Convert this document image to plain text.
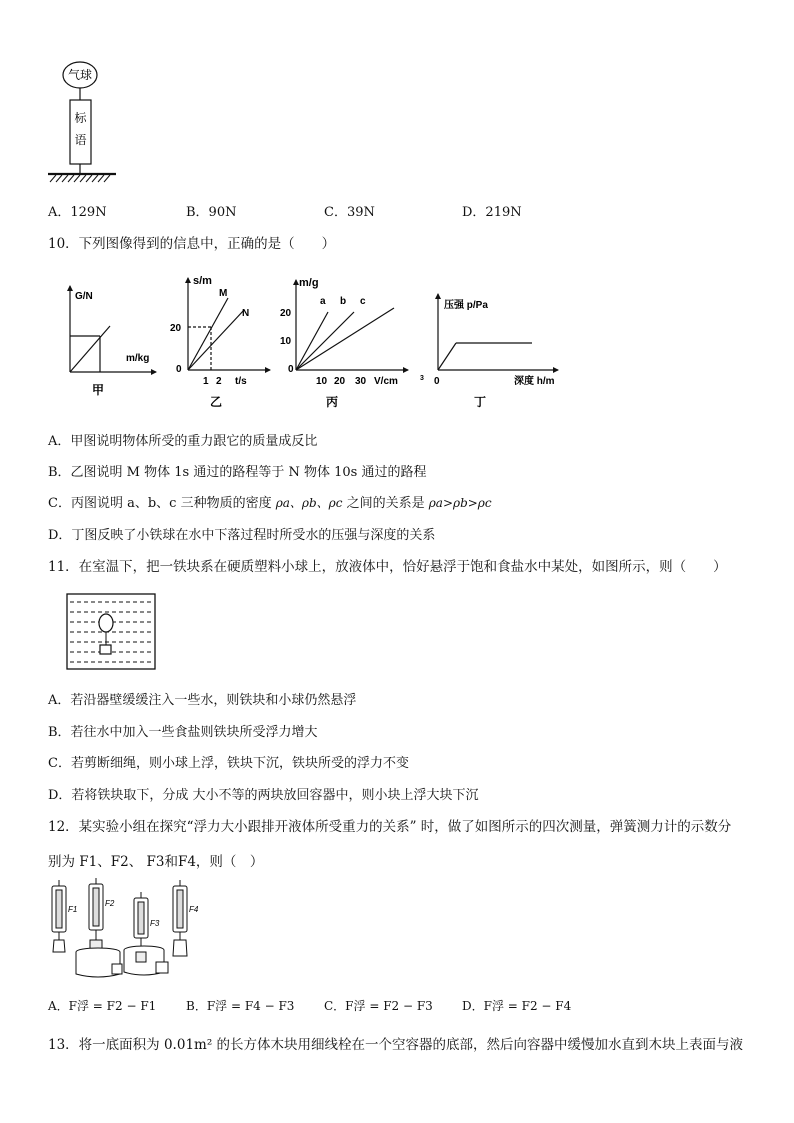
气球
标
语
A．129N	B．90N	C．39N	D．219N
10．下列图像得到的信息中，正确的是（　　）
G/N
m/kg
甲
s/m
20
0
M
N
1 2 t/s
乙
m/g
a b c
20
10
0
10 20 30 V/cm	3
丙
压强 p/Pa
0	深度 h/m
丁
A．甲图说明物体所受的重力跟它的质量成反比
B．乙图说明 M 物体 1s 通过的路程等于 N 物体 10s 通过的路程
C．丙图说明 a、b、c 三种物质的密度 ρa、ρb、ρc 之间的关系是 ρa>ρb>ρc
D．丁图反映了小铁球在水中下落过程时所受水的压强与深度的关系
11．在室温下，把一铁块系在硬质塑料小球上，放液体中，恰好悬浮于饱和食盐水中某处，如图所示，则（　　）
A．若沿器壁缓缓注入一些水，则铁块和小球仍然悬浮
B．若往水中加入一些食盐则铁块所受浮力增大
C．若剪断细绳，则小球上浮，铁块下沉，铁块所受的浮力不变
D．若将铁块取下，分成 大小不等的两块放回容器中，则小块上浮大块下沉
12．某实验小组在探究“浮力大小跟排开液体所受重力的关系” 时，做了如图所示的四次测量，弹簧测力计的示数分
别为 F1、F2、 F3和F4，则（　）
F1
F2
F3
F4
A．F浮 = F2 − F1 B．F浮 = F4 − F3 C．F浮 = F2 − F3 D．F浮 = F2 − F4
13．将一底面积为 0.01m² 的长方体木块用细线栓在一个空容器的底部，然后向容器中缓慢加水直到木块上表面与液
